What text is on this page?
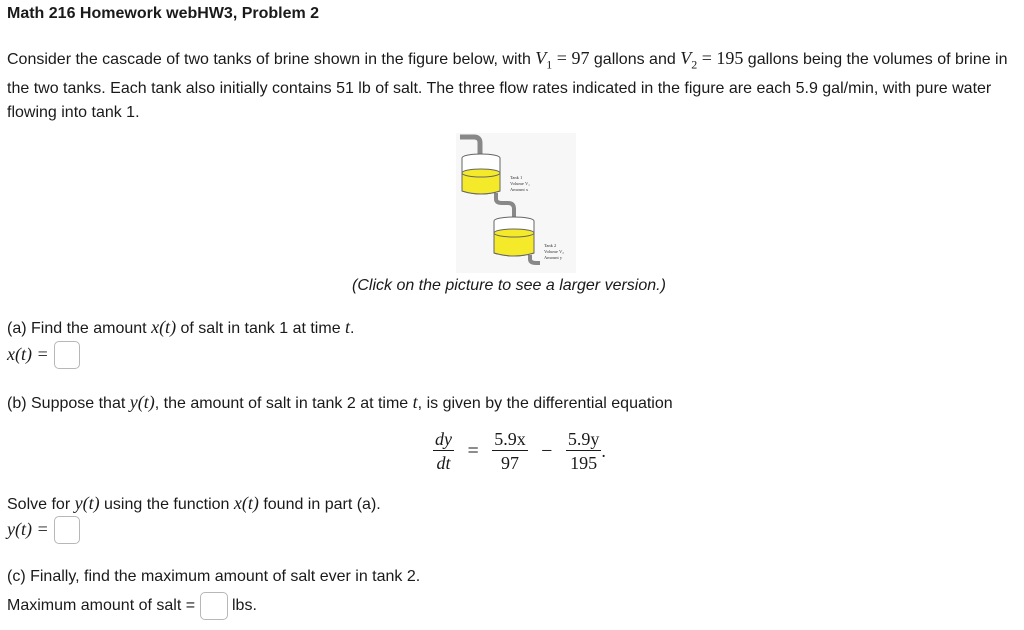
Math 216 Homework webHW3, Problem 2
Consider the cascade of two tanks of brine shown in the figure below, with $V_1 = 97$ gallons and $V_2 = 195$ gallons being the volumes of brine in the two tanks. Each tank also initially contains 51 lb of salt. The three flow rates indicated in the figure are each 5.9 gal/min, with pure water flowing into tank 1.
Tank 1
Volume V₁
Amount x
Tank 2
Volume V₂
Amount y
(Click on the picture to see a larger version.)
(a) Find the amount x(t) of salt in tank 1 at time t.
x(t) =
(b) Suppose that y(t), the amount of salt in tank 2 at time t, is given by the differential equation
$\frac{dy}{dt} = \frac{5.9x}{97} - \frac{5.9y}{195}$ .
Solve for y(t) using the function x(t) found in part (a).
y(t) =
(c) Finally, find the maximum amount of salt ever in tank 2.
Maximum amount of salt = lbs.
